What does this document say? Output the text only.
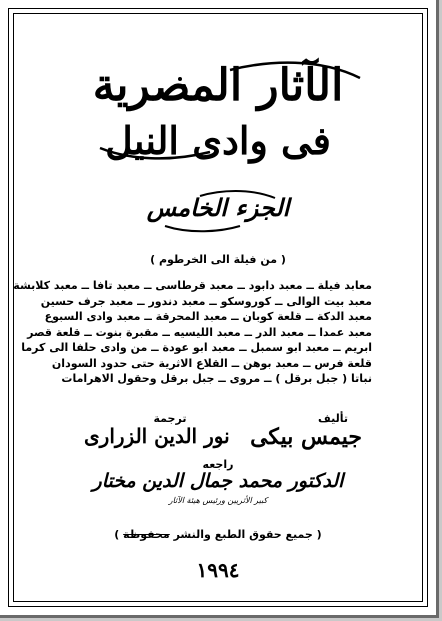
الآثار المصرية
فى وادى النيل
الجزء الخامس
( من فيلة الى الخرطوم )
معابد فيلة ــ معبد دابود ــ معبد قرطاسى ــ معبد تافا ــ معبد كلابشة
معبد بيت الوالى ــ كوروسكو ــ معبد دندور ــ معبد جرف حسين
معبد الدكة ــ قلعة كوبان ــ معبد المحرقة ــ معبد وادى السبوع
معبد عمدا ــ معبد الدر ــ معبد الليسيه ــ مقبرة بنوت ــ قلعة قصر
ابريم ــ معبد ابو سمبل ــ معبد ابو عودة ــ من وادى حلفا الى كرما
قلعة فرس ــ معبد بوهن ــ القلاع الاثرية حتى حدود السودان
نباتا ( جبل برقل ) ــ مروى ــ جبل برقل وحقول الاهرامات
تأليف
جيمس بيكى
ترجمة
نور الدين الزرارى
راجعه
الدكتور محمد جمال الدين مختار
كبير الأثريين ورئيس هيئة الآثار
( جميع حقوق الطبع والنشر محفوظة )
١٩٩٤
